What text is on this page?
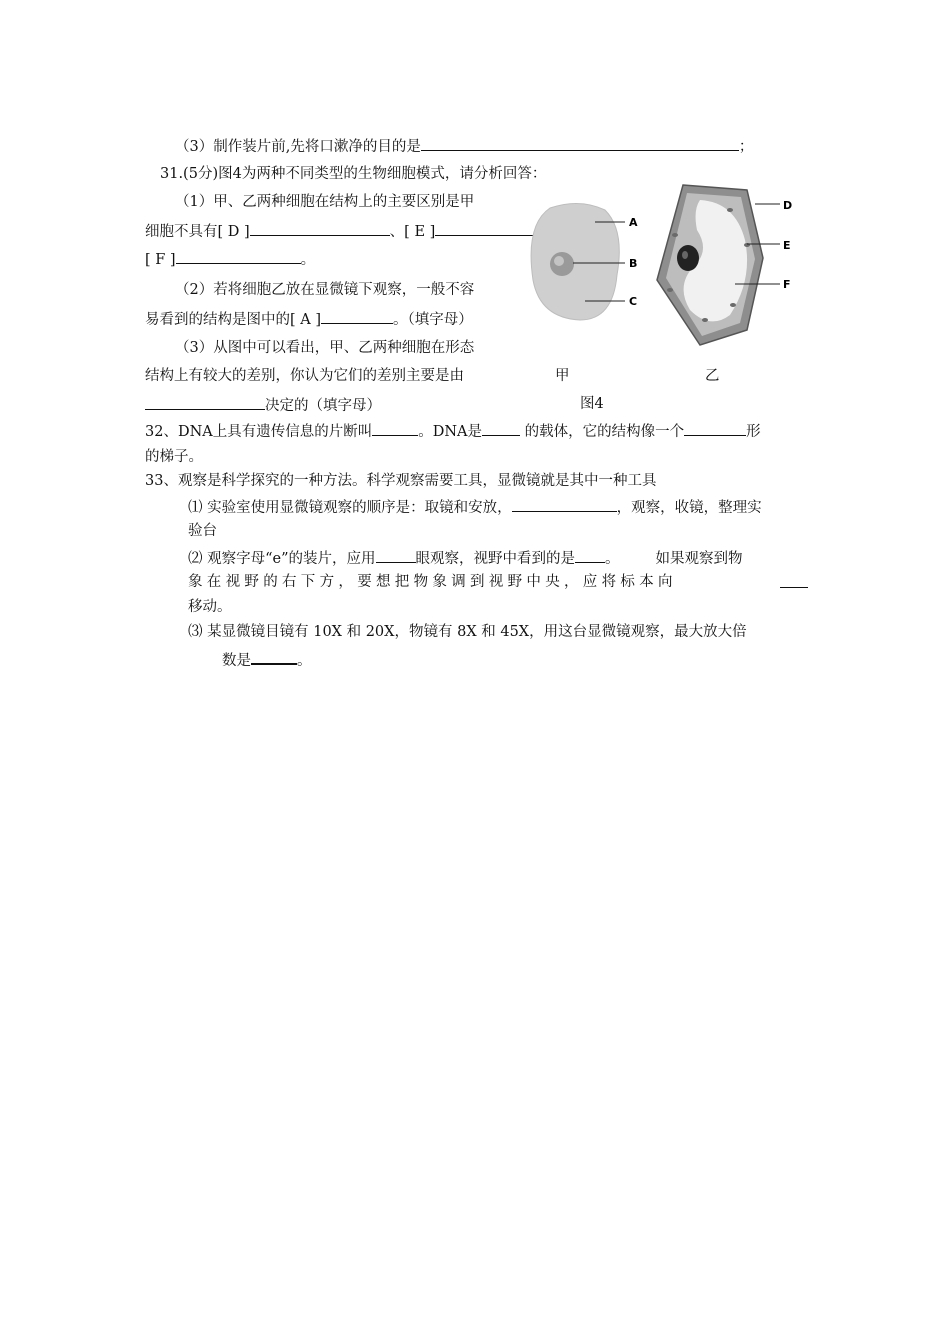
（3）制作装片前,先将口漱净的目的是	；
31.(5分)图4为两种不同类型的生物细胞模式，请分析回答：
（1）甲、乙两种细胞在结构上的主要区别是甲
细胞不具有[ D ]	、[ E ]
[ F ]	。
（2）若将细胞乙放在显微镜下观察，一般不容
易看到的结构是图中的[ A ]	。（填字母）
（3）从图中可以看出，甲、乙两种细胞在形态
结构上有较大的差别，你认为它们的差别主要是由
决定的（填字母）
A
B
C
D
E
F
甲	乙
图4
32、DNA上具有遗传信息的片断叫	。DNA是	的载体，它的结构像一个	形
的梯子。
33、观察是科学探究的一种方法。科学观察需要工具，显微镜就是其中一种工具
⑴ 实验室使用显微镜观察的顺序是：取镜和安放，	，观察，收镜，整理实
验台
⑵ 观察字母“e”的装片，应用	眼观察，视野中看到的是 。 如果观察到物
象在视野的右下方，要想把物象调到视野中央，应将标本向
移动。
⑶ 某显微镜目镜有 10X 和 20X，物镜有 8X 和 45X，用这台显微镜观察，最大放大倍
数是	。
